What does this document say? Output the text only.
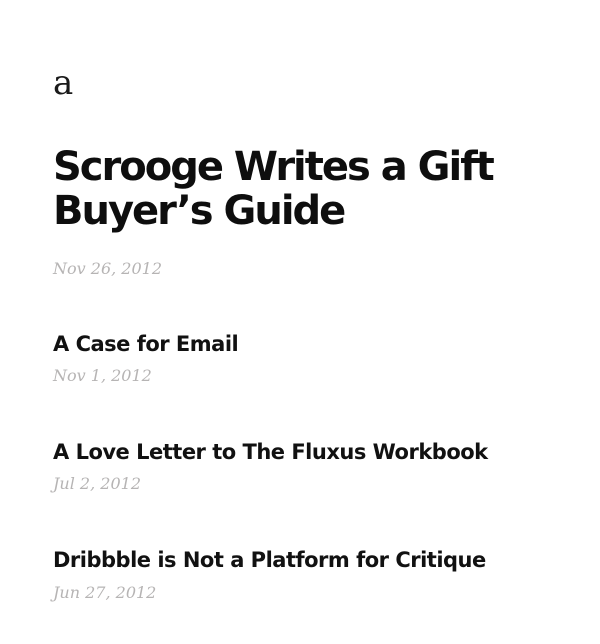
a
Scrooge Writes a Gift Buyer’s Guide

Nov 26, 2012

A Case for Email

Nov 1, 2012

A Love Letter to The Fluxus Workbook

Jul 2, 2012

Dribbble is Not a Platform for Critique

Jun 27, 2012
